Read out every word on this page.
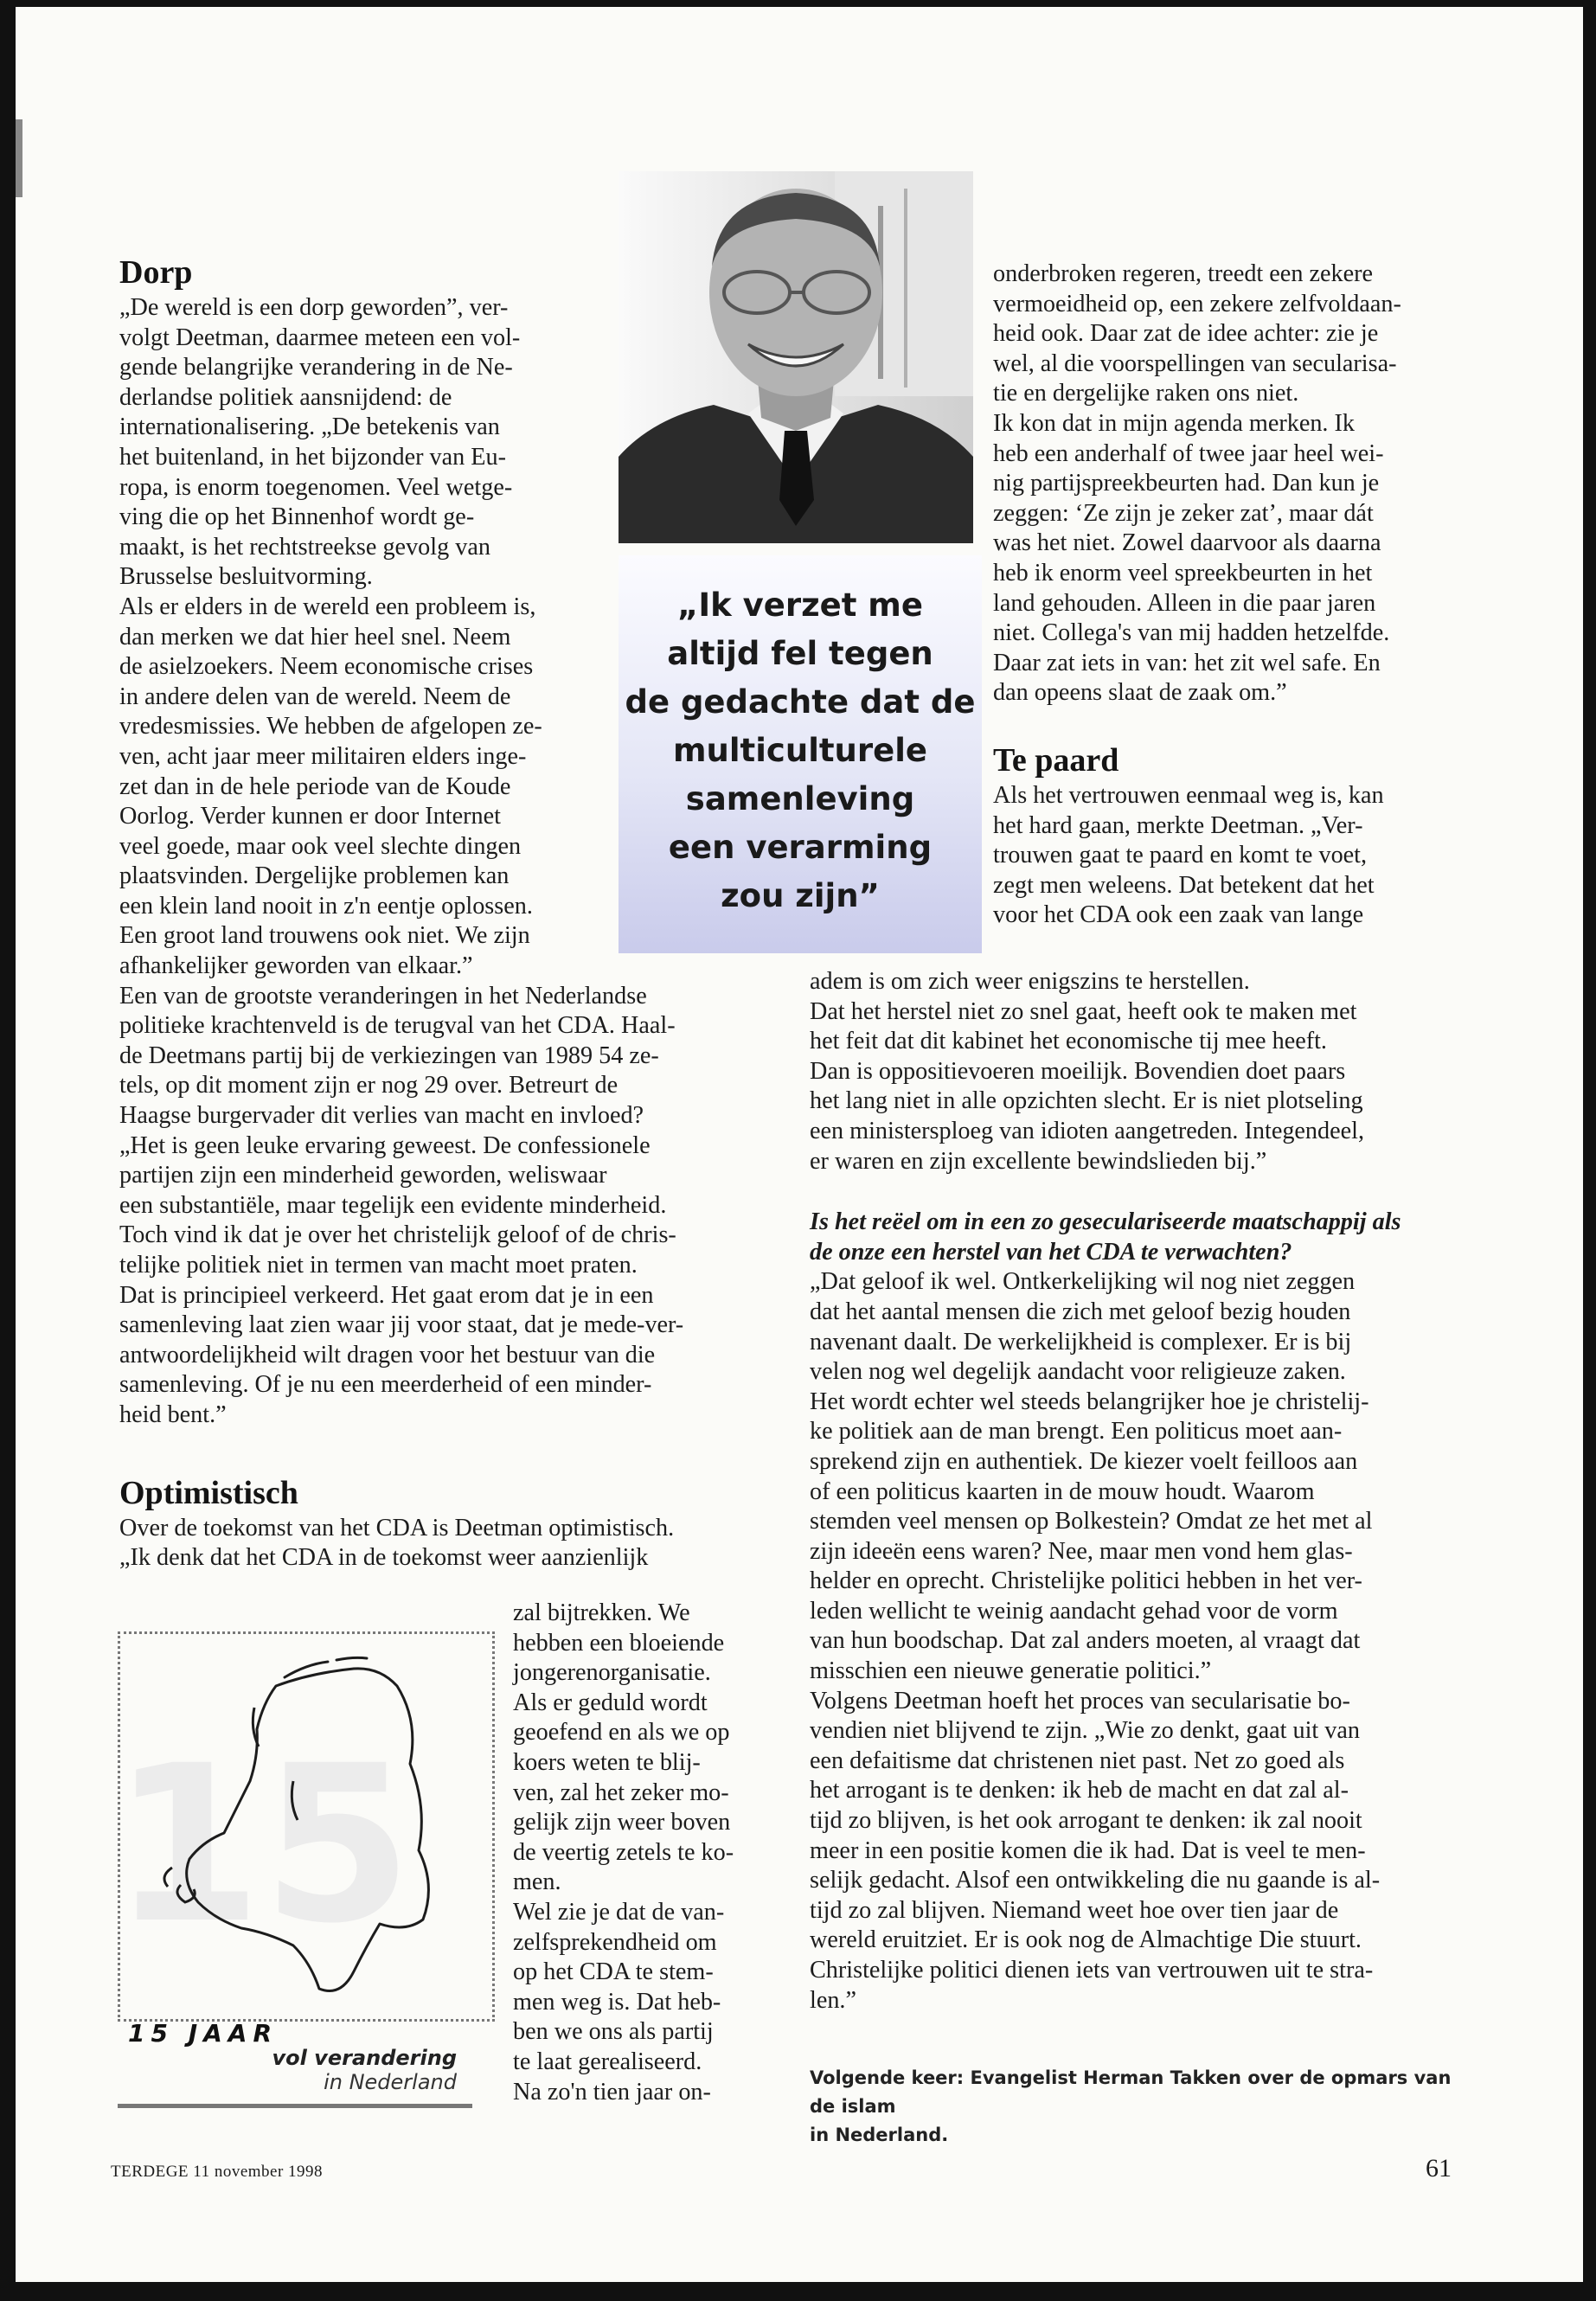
Dorp
„De wereld is een dorp geworden”, ver-
volgt Deetman, daarmee meteen een vol-
gende belangrijke verandering in de Ne-
derlandse politiek aansnijdend: de
internationalisering. „De betekenis van
het buitenland, in het bijzonder van Eu-
ropa, is enorm toegenomen. Veel wetge-
ving die op het Binnenhof wordt ge-
maakt, is het rechtstreekse gevolg van
Brusselse besluitvorming.
Als er elders in de wereld een probleem is,
dan merken we dat hier heel snel. Neem
de asielzoekers. Neem economische crises
in andere delen van de wereld. Neem de
vredesmissies. We hebben de afgelopen ze-
ven, acht jaar meer militairen elders inge-
zet dan in de hele periode van de Koude
Oorlog. Verder kunnen er door Internet
veel goede, maar ook veel slechte dingen
plaatsvinden. Dergelijke problemen kan
een klein land nooit in z'n eentje oplossen.
Een groot land trouwens ook niet. We zijn
afhankelijker geworden van elkaar.”
Een van de grootste veranderingen in het Nederlandse
politieke krachtenveld is de terugval van het CDA. Haal-
de Deetmans partij bij de verkiezingen van 1989 54 ze-
tels, op dit moment zijn er nog 29 over. Betreurt de
Haagse burgervader dit verlies van macht en invloed?
„Het is geen leuke ervaring geweest. De confessionele
partijen zijn een minderheid geworden, weliswaar
een substantiële, maar tegelijk een evidente minderheid.
Toch vind ik dat je over het christelijk geloof of de chris-
telijke politiek niet in termen van macht moet praten.
Dat is principieel verkeerd. Het gaat erom dat je in een
samenleving laat zien waar jij voor staat, dat je mede-ver-
antwoordelijkheid wilt dragen voor het bestuur van die
samenleving. Of je nu een meerderheid of een minder-
heid bent.”
Optimistisch
Over de toekomst van het CDA is Deetman optimistisch.
„Ik denk dat het CDA in de toekomst weer aanzienlijk
zal bijtrekken. We
hebben een bloeiende
jongerenorganisatie.
Als er geduld wordt
geoefend en als we op
koers weten te blij-
ven, zal het zeker mo-
gelijk zijn weer boven
de veertig zetels te ko-
men.
Wel zie je dat de van-
zelfsprekendheid om
op het CDA te stem-
men weg is. Dat heb-
ben we ons als partij
te laat gerealiseerd.
Na zo'n tien jaar on-
„Ik verzet me
altijd fel tegen
de gedachte dat de
multiculturele
samenleving
een verarming
zou zijn”
onderbroken regeren, treedt een zekere
vermoeidheid op, een zekere zelfvoldaan-
heid ook. Daar zat de idee achter: zie je
wel, al die voorspellingen van secularisa-
tie en dergelijke raken ons niet.
Ik kon dat in mijn agenda merken. Ik
heb een anderhalf of twee jaar heel wei-
nig partijspreekbeurten had. Dan kun je
zeggen: ‘Ze zijn je zeker zat’, maar dát
was het niet. Zowel daarvoor als daarna
heb ik enorm veel spreekbeurten in het
land gehouden. Alleen in die paar jaren
niet. Collega's van mij hadden hetzelfde.
Daar zat iets in van: het zit wel safe. En
dan opeens slaat de zaak om.”
Te paard
Als het vertrouwen eenmaal weg is, kan
het hard gaan, merkte Deetman. „Ver-
trouwen gaat te paard en komt te voet,
zegt men weleens. Dat betekent dat het
voor het CDA ook een zaak van lange
adem is om zich weer enigszins te herstellen.
Dat het herstel niet zo snel gaat, heeft ook te maken met
het feit dat dit kabinet het economische tij mee heeft.
Dan is oppositievoeren moeilijk. Bovendien doet paars
het lang niet in alle opzichten slecht. Er is niet plotseling
een ministersploeg van idioten aangetreden. Integendeel,
er waren en zijn excellente bewindslieden bij.”
Is het reëel om in een zo geseculariseerde maatschappij als
de onze een herstel van het CDA te verwachten?
„Dat geloof ik wel. Ontkerkelijking wil nog niet zeggen
dat het aantal mensen die zich met geloof bezig houden
navenant daalt. De werkelijkheid is complexer. Er is bij
velen nog wel degelijk aandacht voor religieuze zaken.
Het wordt echter wel steeds belangrijker hoe je christelij-
ke politiek aan de man brengt. Een politicus moet aan-
sprekend zijn en authentiek. De kiezer voelt feilloos aan
of een politicus kaarten in de mouw houdt. Waarom
stemden veel mensen op Bolkestein? Omdat ze het met al
zijn ideeën eens waren? Nee, maar men vond hem glas-
helder en oprecht. Christelijke politici hebben in het ver-
leden wellicht te weinig aandacht gehad voor de vorm
van hun boodschap. Dat zal anders moeten, al vraagt dat
misschien een nieuwe generatie politici.”
Volgens Deetman hoeft het proces van secularisatie bo-
vendien niet blijvend te zijn. „Wie zo denkt, gaat uit van
een defaitisme dat christenen niet past. Net zo goed als
het arrogant is te denken: ik heb de macht en dat zal al-
tijd zo blijven, is het ook arrogant te denken: ik zal nooit
meer in een positie komen die ik had. Dat is veel te men-
selijk gedacht. Alsof een ontwikkeling die nu gaande is al-
tijd zo zal blijven. Niemand weet hoe over tien jaar de
wereld eruitziet. Er is ook nog de Almachtige Die stuurt.
Christelijke politici dienen iets van vertrouwen uit te stra-
len.”
Volgende keer: Evangelist Herman Takken over de opmars van de islam
in Nederland.
15
15 JAAR
vol verandering
in Nederland
TERDEGE 11 november 1998	61
